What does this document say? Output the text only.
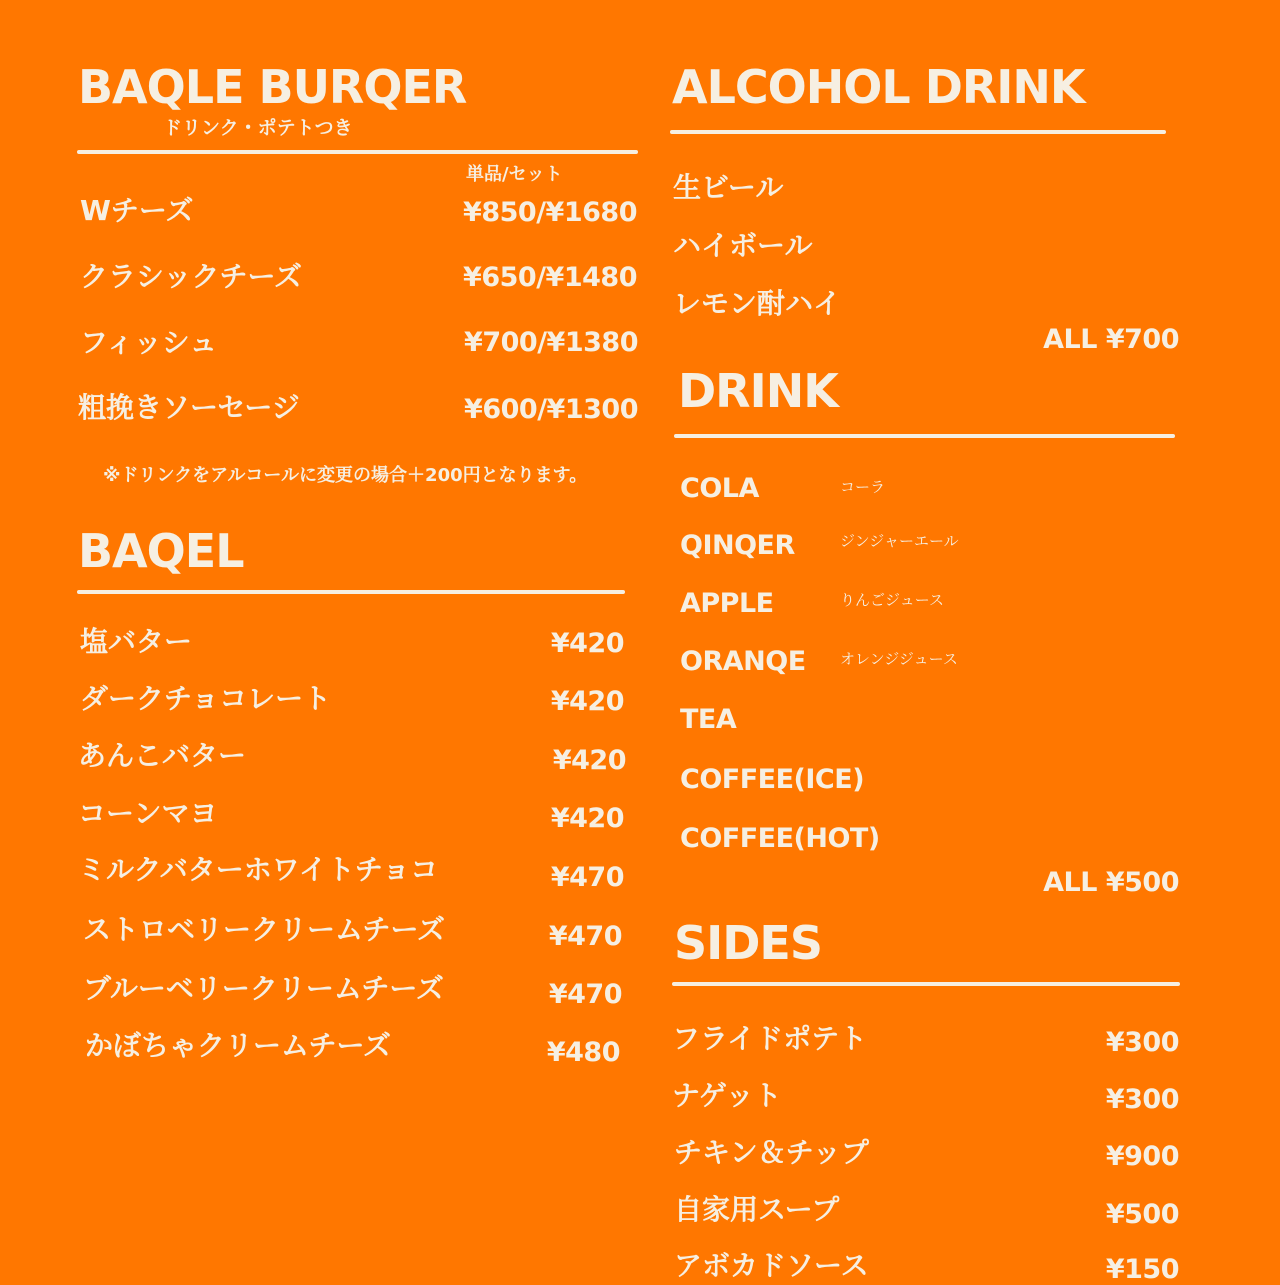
BAQLE BURQER
ドリンク・ポテトつき
単品/セット
Wチーズ	¥850/¥1680
クラシックチーズ	¥650/¥1480
フィッシュ	¥700/¥1380
粗挽きソーセージ	¥600/¥1300
※ドリンクをアルコールに変更の場合＋200円となります。
BAQEL
塩バター	¥420
ダークチョコレート	¥420
あんこバター	¥420
コーンマヨ	¥420
ミルクバターホワイトチョコ	¥470
ストロベリークリームチーズ	¥470
ブルーベリークリームチーズ	¥470
かぼちゃクリームチーズ	¥480
ALCOHOL DRINK
生ビール
ハイボール
レモン酎ハイ
ALL ¥700
DRINK
COLA	コーラ
QINQER	ジンジャーエール
APPLE	りんごジュース
ORANQE オレンジジュース
TEA
COFFEE(ICE)
COFFEE(HOT)
ALL ¥500
SIDES
フライドポテト	¥300
ナゲット	¥300
チキン＆チップ	¥900
自家用スープ	¥500
アボカドソース	¥150
